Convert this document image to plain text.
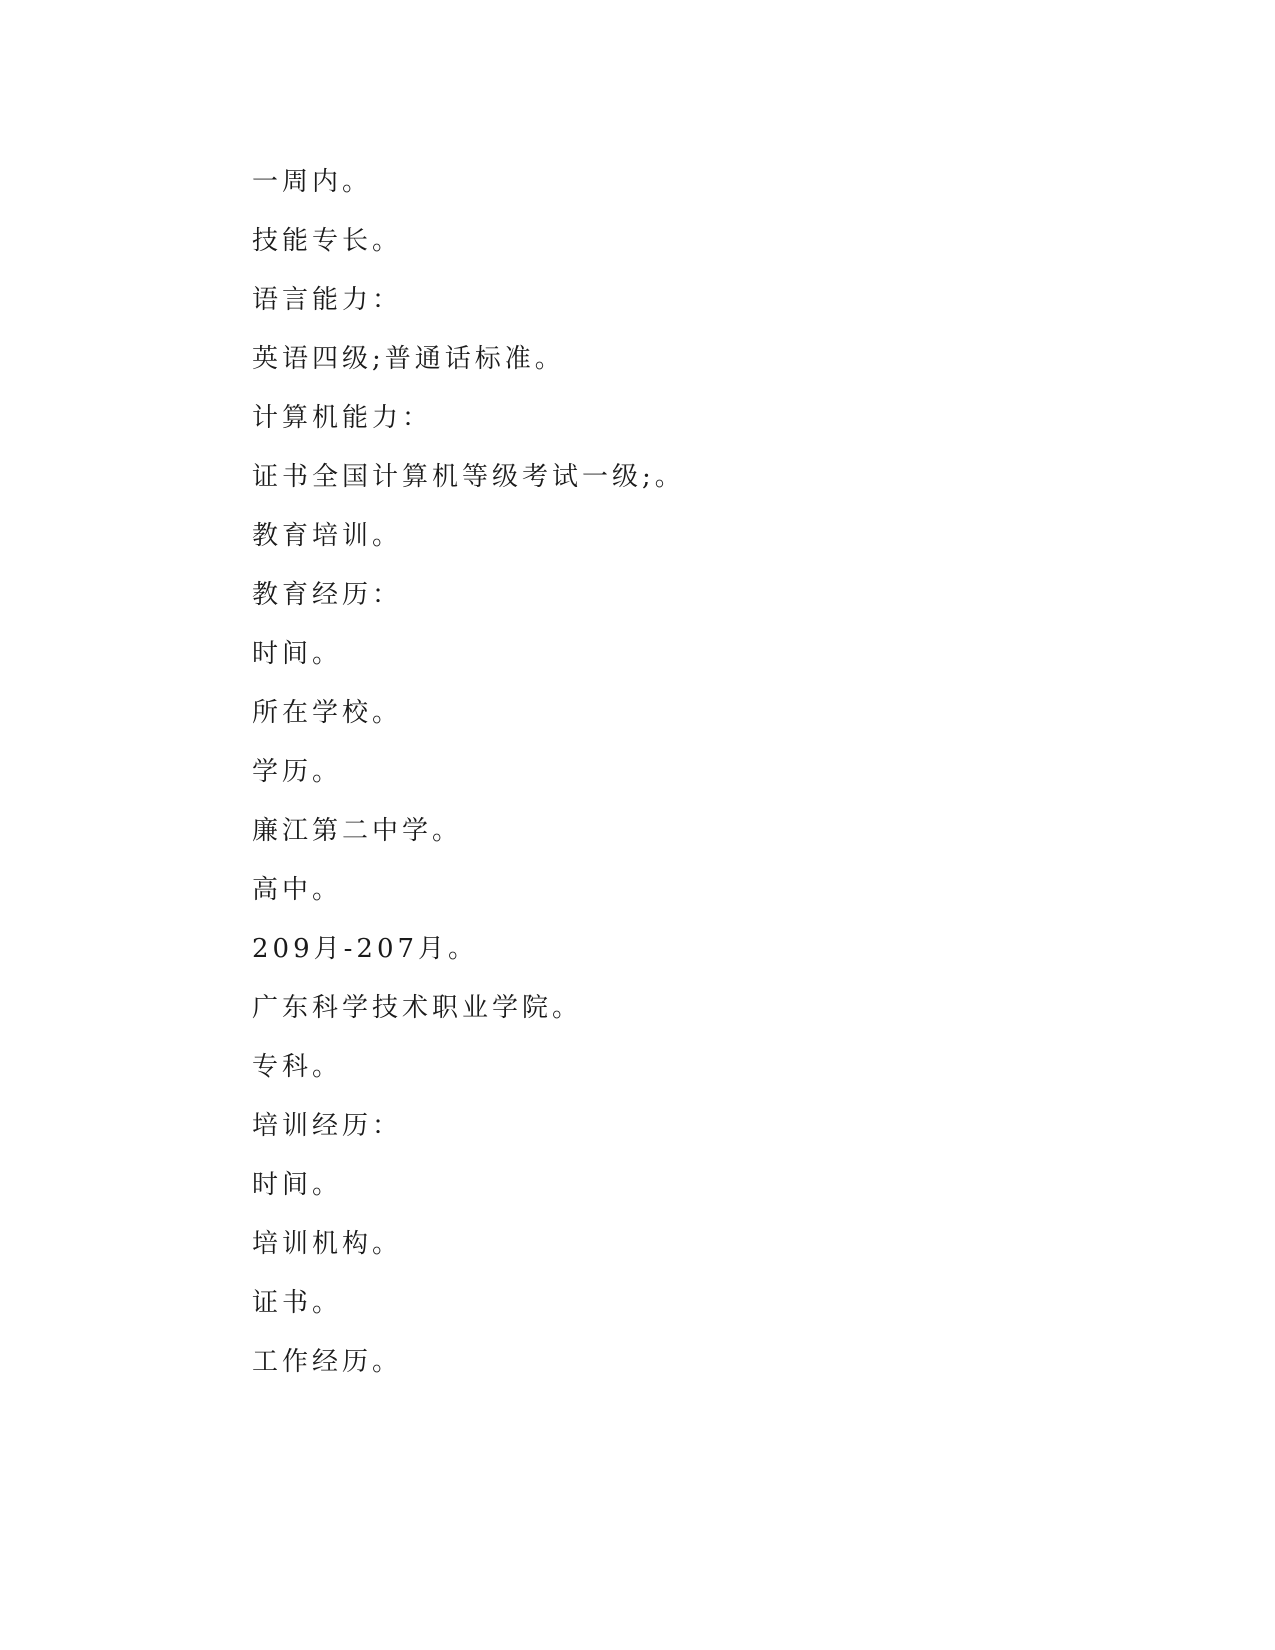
一周内。
技能专长。
语言能力：
英语四级;普通话标准。
计算机能力：
证书全国计算机等级考试一级;。
教育培训。
教育经历：
时间。
所在学校。
学历。
廉江第二中学。
高中。
209月-207月。
广东科学技术职业学院。
专科。
培训经历：
时间。
培训机构。
证书。
工作经历。
